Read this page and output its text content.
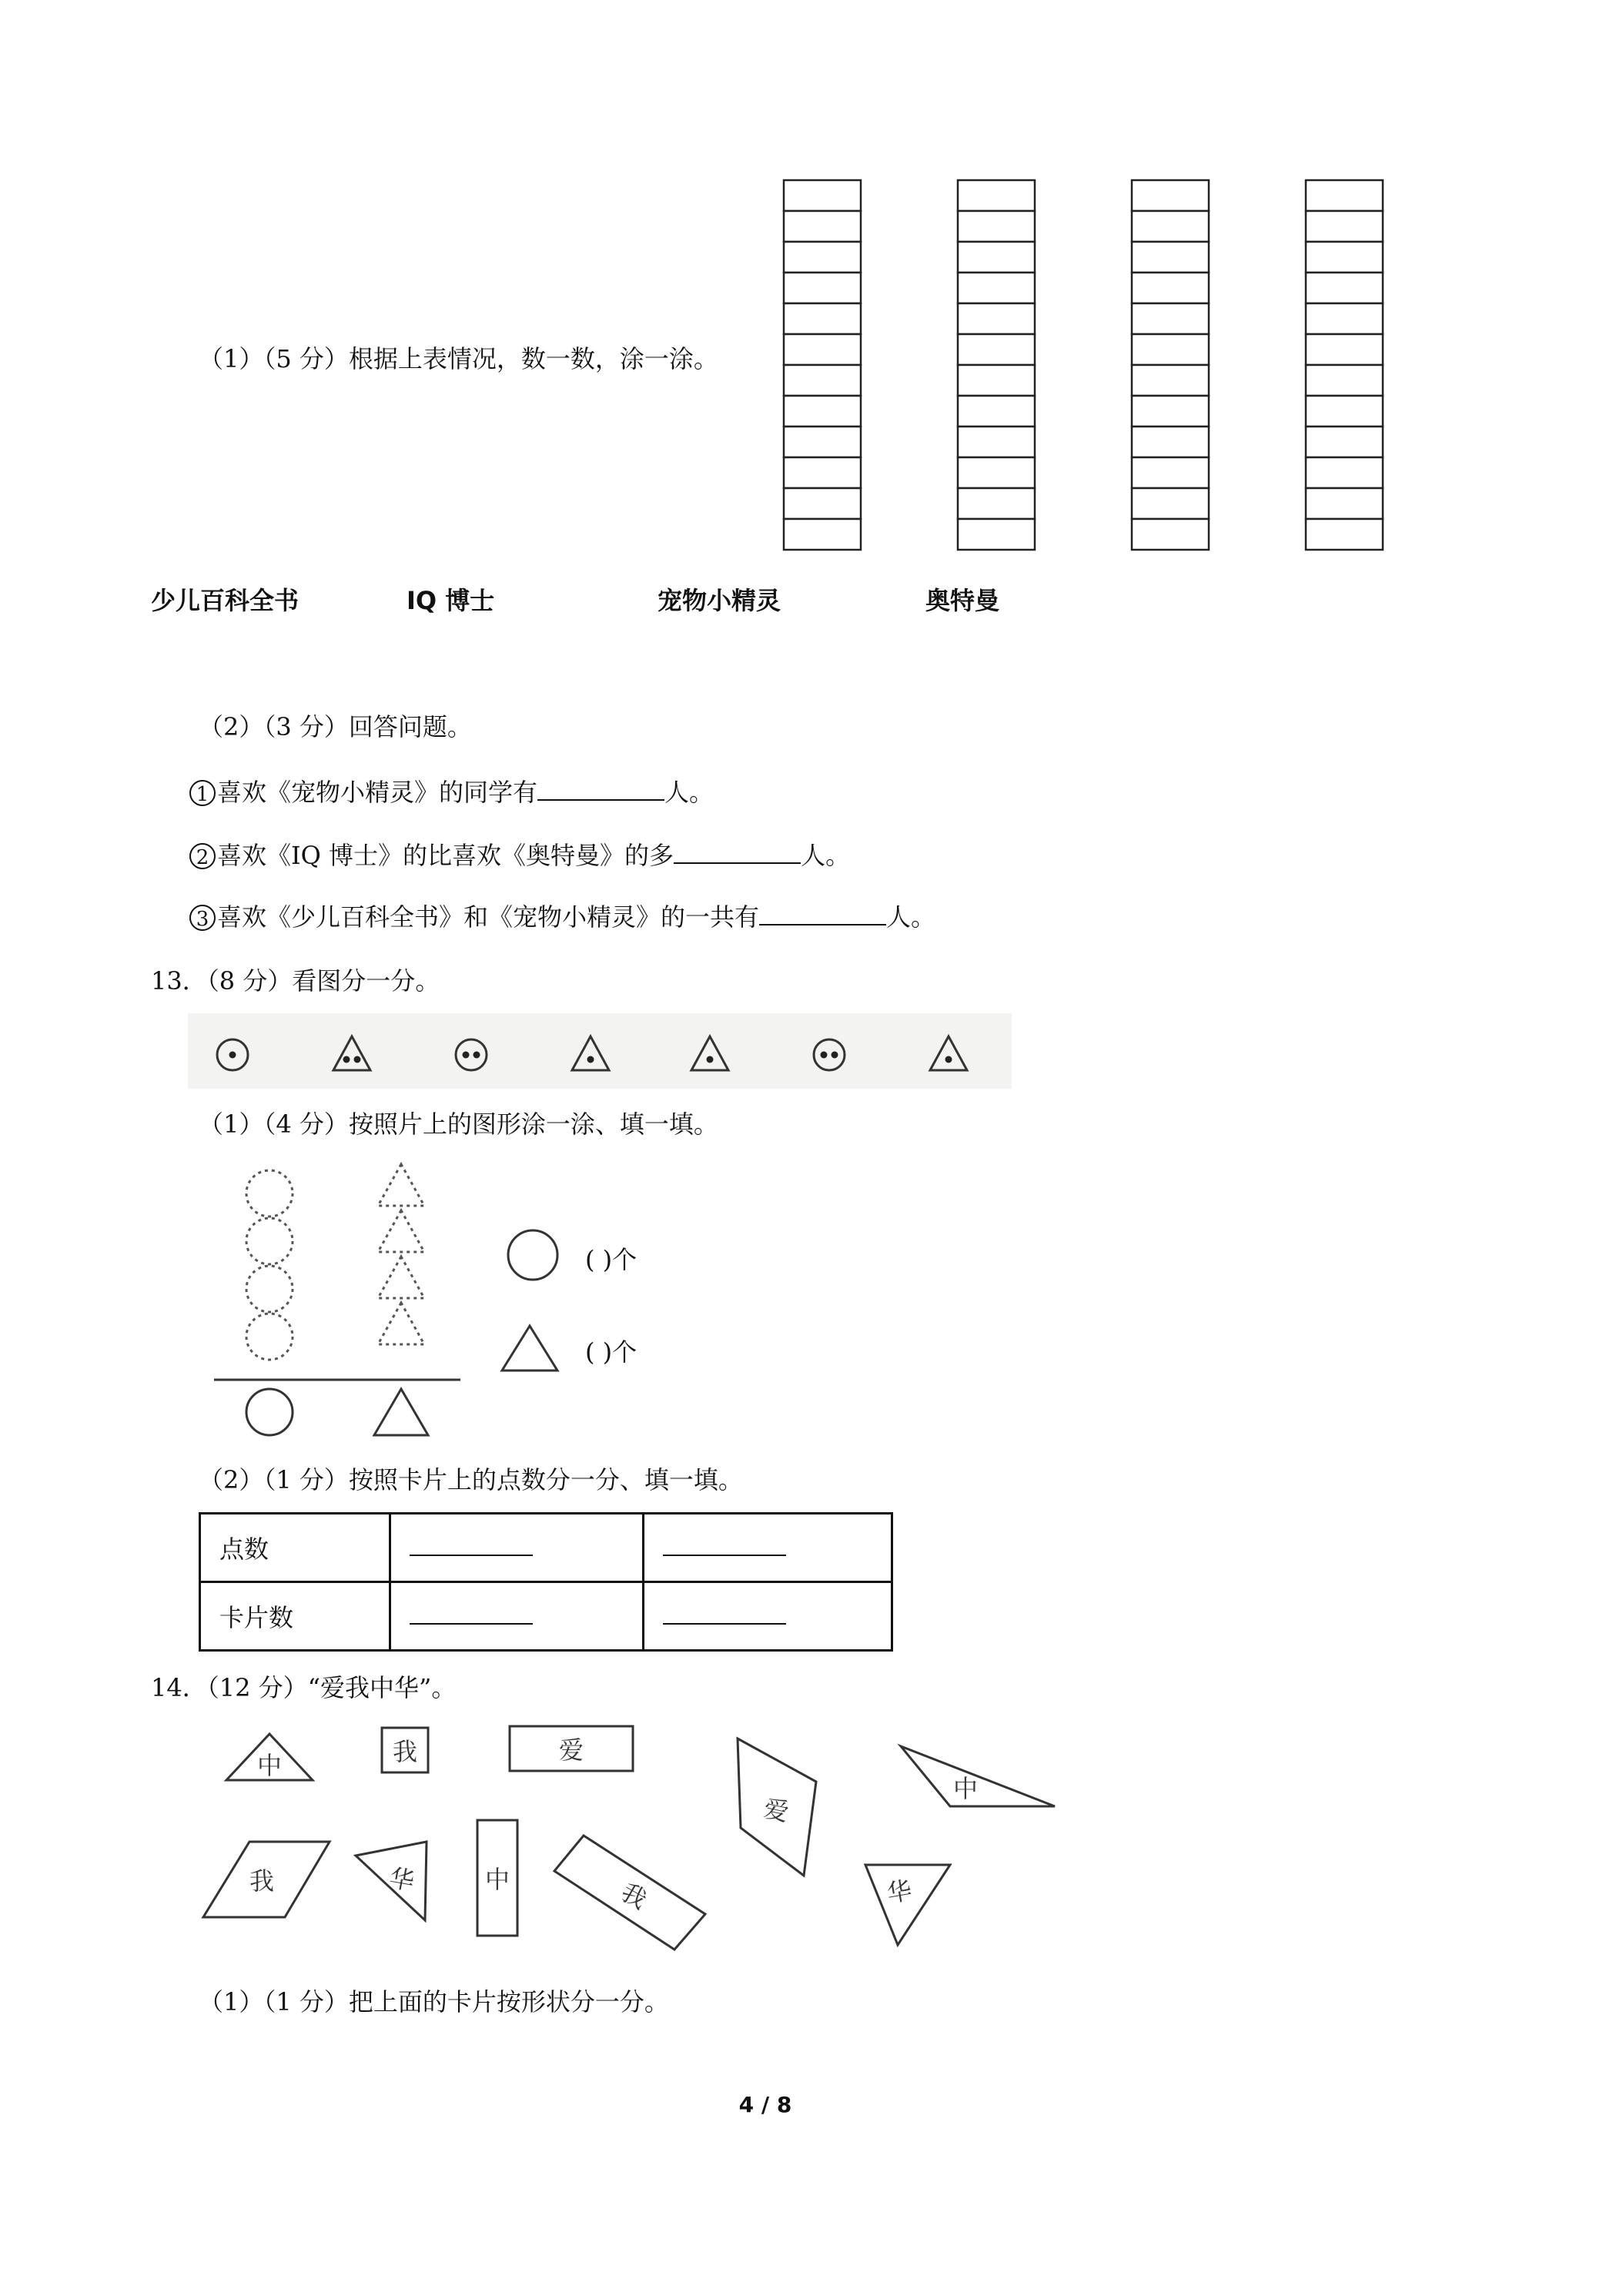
（1）（5 分）根据上表情况，数一数，涂一涂。
少儿百科全书	IQ 博士	宠物小精灵	奥特曼
（2）（3 分）回答问题。
1 喜欢《宠物小精灵》的同学有	人。
2 喜欢《IQ 博士》的比喜欢《奥特曼》的多	人。
3 喜欢《少儿百科全书》和《宠物小精灵》的一共有	人。
13．（8 分）看图分一分。
（1）（4 分）按照片上的图形涂一涂、填一填。
( )个
( )个
（2）（1 分）按照卡片上的点数分一分、填一填。
点数		
卡片数		
14．（12 分）“爱我中华”。
中	我	爱
爱
中
我	华	中	我	华
（1）（1 分）把上面的卡片按形状分一分。
4 / 8
